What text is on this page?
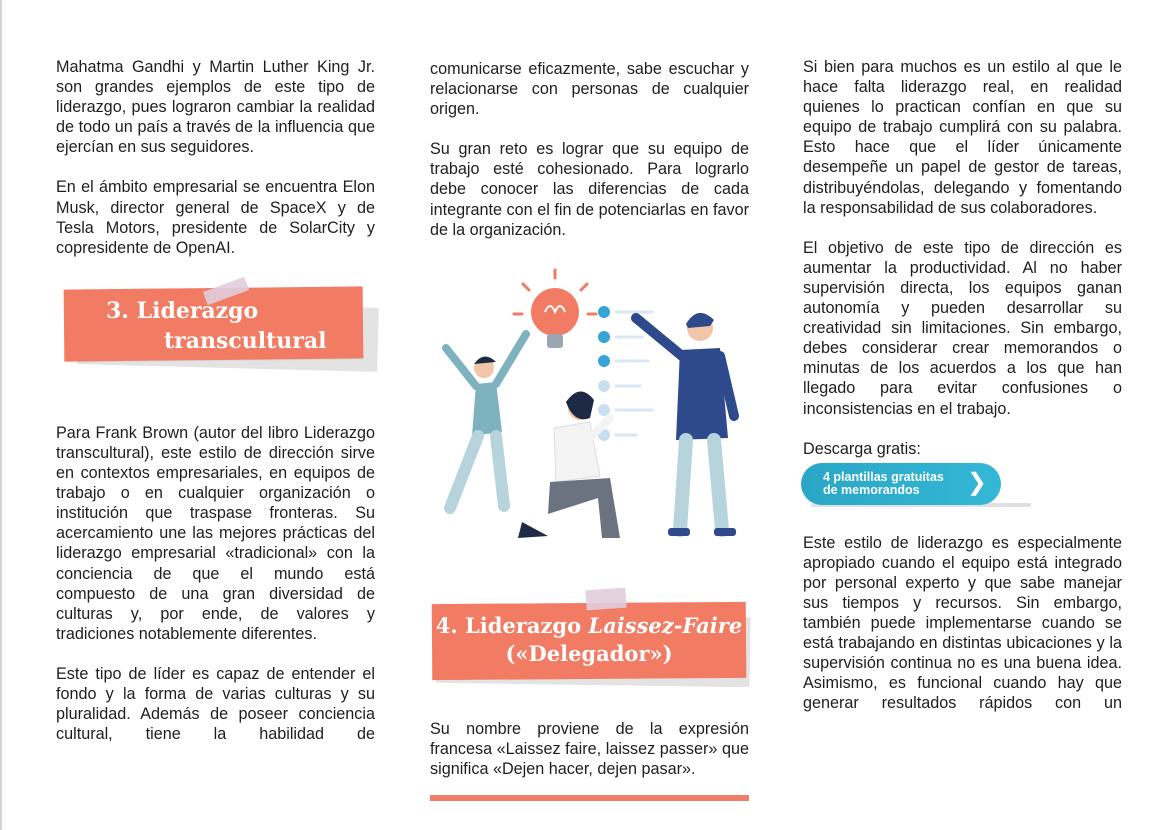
Mahatma Gandhi y Martin Luther King Jr. son grandes ejemplos de este tipo de liderazgo, pues lograron cambiar la realidad de todo un país a través de la influencia que ejercían en sus seguidores.

En el ámbito empresarial se encuentra Elon Musk, director general de SpaceX y de Tesla Motors, presidente de SolarCity y copresidente de OpenAI.

3. Liderazgo
transcultural

Para Frank Brown (autor del libro Liderazgo transcultural), este estilo de dirección sirve en contextos empresariales, en equipos de trabajo o en cualquier organización o institución que traspase fronteras. Su acercamiento une las mejores prácticas del liderazgo empresarial «tradicional» con la conciencia de que el mundo está compuesto de una gran diversidad de culturas y, por ende, de valores y tradiciones notablemente diferentes.

Este tipo de líder es capaz de entender el fondo y la forma de varias culturas y su pluralidad. Además de poseer conciencia cultural, tiene la habilidad de

comunicarse eficazmente, sabe escuchar y relacionarse con personas de cualquier origen.

Su gran reto es lograr que su equipo de trabajo esté cohesionado. Para lograrlo debe conocer las diferencias de cada integrante con el fin de potenciarlas en favor de la organización.

4. Liderazgo Laissez-Faire
(«Delegador»)

Su nombre proviene de la expresión francesa «Laissez faire, laissez passer» que significa «Dejen hacer, dejen pasar».

Si bien para muchos es un estilo al que le hace falta liderazgo real, en realidad quienes lo practican confían en que su equipo de trabajo cumplirá con su palabra. Esto hace que el líder únicamente desempeñe un papel de gestor de tareas, distribuyéndolas, delegando y fomentando la responsabilidad de sus colaboradores.

El objetivo de este tipo de dirección es aumentar la productividad. Al no haber supervisión directa, los equipos ganan autonomía y pueden desarrollar su creatividad sin limitaciones. Sin embargo, debes considerar crear memorandos o minutas de los acuerdos a los que han llegado para evitar confusiones o inconsistencias en el trabajo.

Descarga gratis:

4 plantillas gratuitas
de memorandos	❯

Este estilo de liderazgo es especialmente apropiado cuando el equipo está integrado por personal experto y que sabe manejar sus tiempos y recursos. Sin embargo, también puede implementarse cuando se está trabajando en distintas ubicaciones y la supervisión continua no es una buena idea. Asimismo, es funcional cuando hay que generar resultados rápidos con un
